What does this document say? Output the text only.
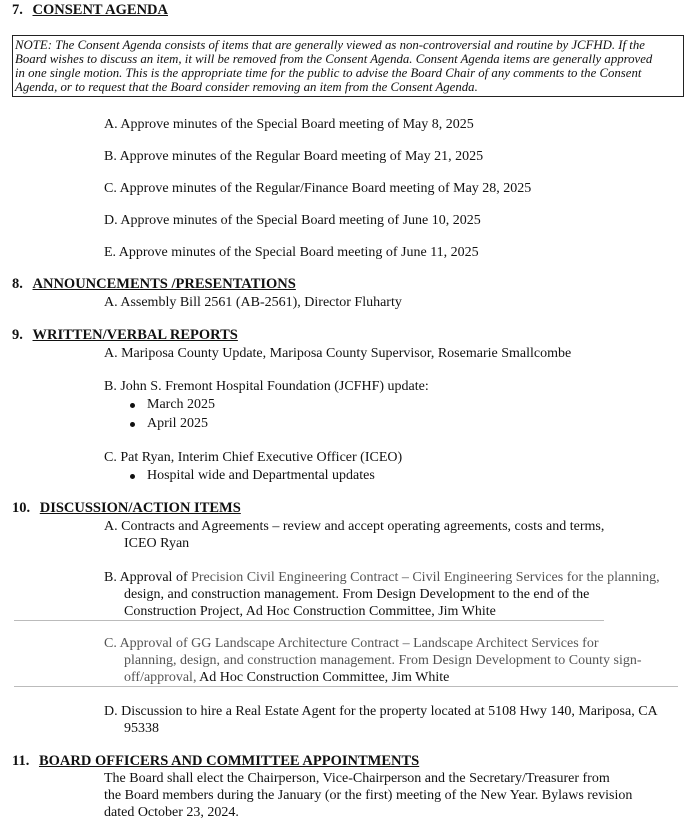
7. CONSENT AGENDA
NOTE: The Consent Agenda consists of items that are generally viewed as non-controversial and routine by JCFHD. If the
Board wishes to discuss an item, it will be removed from the Consent Agenda. Consent Agenda items are generally approved
in one single motion. This is the appropriate time for the public to advise the Board Chair of any comments to the Consent
Agenda, or to request that the Board consider removing an item from the Consent Agenda.
A. Approve minutes of the Special Board meeting of May 8, 2025
B. Approve minutes of the Regular Board meeting of May 21, 2025
C. Approve minutes of the Regular/Finance Board meeting of May 28, 2025
D. Approve minutes of the Special Board meeting of June 10, 2025
E. Approve minutes of the Special Board meeting of June 11, 2025
8. ANNOUNCEMENTS /PRESENTATIONS
A. Assembly Bill 2561 (AB-2561), Director Fluharty
9. WRITTEN/VERBAL REPORTS
A. Mariposa County Update, Mariposa County Supervisor, Rosemarie Smallcombe
B. John S. Fremont Hospital Foundation (JCFHF) update:
March 2025
April 2025
C. Pat Ryan, Interim Chief Executive Officer (ICEO)
Hospital wide and Departmental updates
10. DISCUSSION/ACTION ITEMS
A. Contracts and Agreements – review and accept operating agreements, costs and terms,
ICEO Ryan
B. Approval of Precision Civil Engineering Contract – Civil Engineering Services for the planning,
design, and construction management. From Design Development to the end of the
Construction Project, Ad Hoc Construction Committee, Jim White
C. Approval of GG Landscape Architecture Contract – Landscape Architect Services for
planning, design, and construction management. From Design Development to County sign-
off/approval, Ad Hoc Construction Committee, Jim White
D. Discussion to hire a Real Estate Agent for the property located at 5108 Hwy 140, Mariposa, CA
95338
11. BOARD OFFICERS AND COMMITTEE APPOINTMENTS
The Board shall elect the Chairperson, Vice-Chairperson and the Secretary/Treasurer from
the Board members during the January (or the first) meeting of the New Year. Bylaws revision
dated October 23, 2024.
